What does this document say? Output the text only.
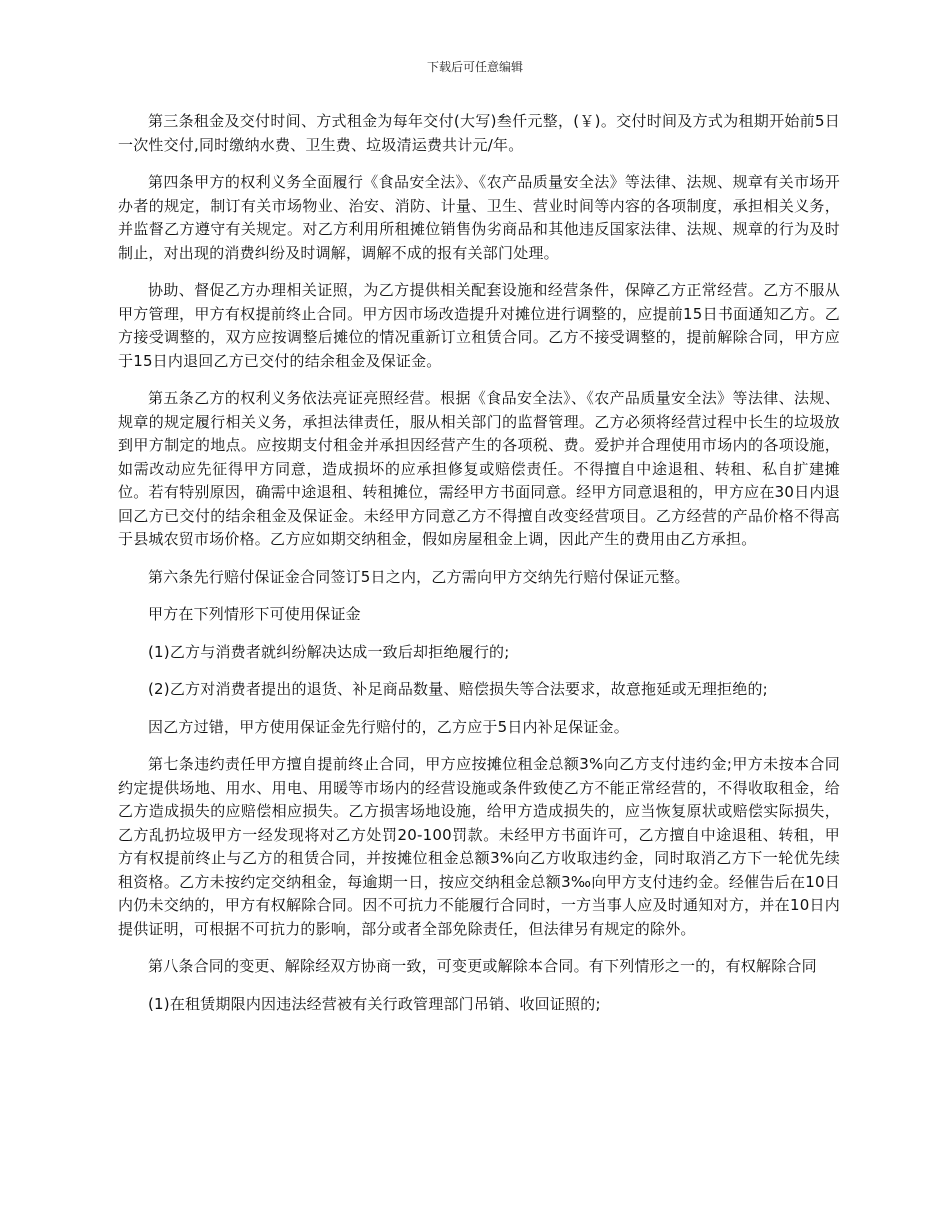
下载后可任意编辑

第三条租金及交付时间、方式租金为每年交付(大写)叁仟元整，(￥)。交付时间及方式为租期开始前5日一次性交付,同时缴纳水费、卫生费、垃圾清运费共计元/年。

第四条甲方的权利义务全面履行《食品安全法》、《农产品质量安全法》等法律、法规、规章有关市场开办者的规定，制订有关市场物业、治安、消防、计量、卫生、营业时间等内容的各项制度，承担相关义务，并监督乙方遵守有关规定。对乙方利用所租摊位销售伪劣商品和其他违反国家法律、法规、规章的行为及时制止，对出现的消费纠纷及时调解，调解不成的报有关部门处理。

协助、督促乙方办理相关证照，为乙方提供相关配套设施和经营条件，保障乙方正常经营。乙方不服从甲方管理，甲方有权提前终止合同。甲方因市场改造提升对摊位进行调整的，应提前15日书面通知乙方。乙方接受调整的，双方应按调整后摊位的情况重新订立租赁合同。乙方不接受调整的，提前解除合同，甲方应于15日内退回乙方已交付的结余租金及保证金。

第五条乙方的权利义务依法亮证亮照经营。根据《食品安全法》、《农产品质量安全法》等法律、法规、规章的规定履行相关义务，承担法律责任，服从相关部门的监督管理。乙方必须将经营过程中长生的垃圾放到甲方制定的地点。应按期支付租金并承担因经营产生的各项税、费。爱护并合理使用市场内的各项设施，如需改动应先征得甲方同意，造成损坏的应承担修复或赔偿责任。不得擅自中途退租、转租、私自扩建摊位。若有特别原因，确需中途退租、转租摊位，需经甲方书面同意。经甲方同意退租的，甲方应在30日内退回乙方已交付的结余租金及保证金。未经甲方同意乙方不得擅自改变经营项目。乙方经营的产品价格不得高于县城农贸市场价格。乙方应如期交纳租金，假如房屋租金上调，因此产生的费用由乙方承担。

第六条先行赔付保证金合同签订5日之内，乙方需向甲方交纳先行赔付保证元整。

甲方在下列情形下可使用保证金

(1)乙方与消费者就纠纷解决达成一致后却拒绝履行的;

(2)乙方对消费者提出的退货、补足商品数量、赔偿损失等合法要求，故意拖延或无理拒绝的;

因乙方过错，甲方使用保证金先行赔付的，乙方应于5日内补足保证金。

第七条违约责任甲方擅自提前终止合同，甲方应按摊位租金总额3%向乙方支付违约金;甲方未按本合同约定提供场地、用水、用电、用暖等市场内的经营设施或条件致使乙方不能正常经营的，不得收取租金，给乙方造成损失的应赔偿相应损失。乙方损害场地设施，给甲方造成损失的，应当恢复原状或赔偿实际损失，乙方乱扔垃圾甲方一经发现将对乙方处罚20-100罚款。未经甲方书面许可，乙方擅自中途退租、转租，甲方有权提前终止与乙方的租赁合同，并按摊位租金总额3%向乙方收取违约金，同时取消乙方下一轮优先续租资格。乙方未按约定交纳租金，每逾期一日，按应交纳租金总额3‰向甲方支付违约金。经催告后在10日内仍未交纳的，甲方有权解除合同。因不可抗力不能履行合同时，一方当事人应及时通知对方，并在10日内提供证明，可根据不可抗力的影响，部分或者全部免除责任，但法律另有规定的除外。

第八条合同的变更、解除经双方协商一致，可变更或解除本合同。有下列情形之一的，有权解除合同

(1)在租赁期限内因违法经营被有关行政管理部门吊销、收回证照的;
